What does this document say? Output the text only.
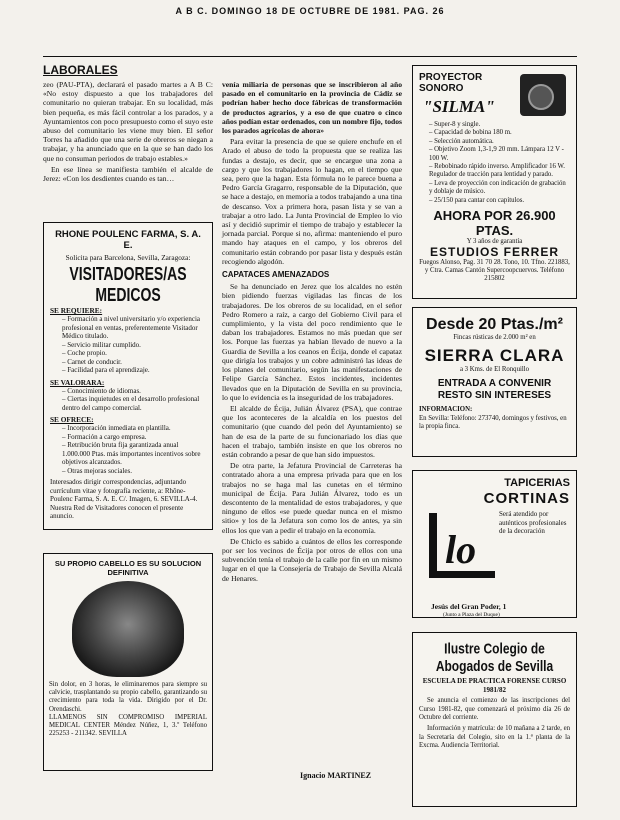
A B C. DOMINGO 18 DE OCTUBRE DE 1981. PAG. 26
LABORALES

zeo (PAU-PTA), declarará el pasado martes a A B C: «No estoy dispuesto a que los trabajadores del comunitario no quieran trabajar. En su localidad, más bien pequeña, es más fácil controlar a los parados, y a Ayuntamientos con poco presupuesto como el suyo este abuso del comunitario les viene muy bien. El señor Torres ha añadido que una serie de obreros se niegan a trabajar, y ha anunciado que en la que se han dado los que no consuman periodos de trabajo estables.»

En ese línea se manifiesta también el alcalde de Jerez: «Con los desdientes cuando es tan…

RHONE POULENC FARMA, S. A. E.
Solicita para Barcelona, Sevilla, Zaragoza:
VISITADORES/AS MEDICOS
SE REQUIERE:
– Formación a nivel universitario y/o experiencia profesional en ventas, preferentemente Visitador Médico titulado.
– Servicio militar cumplido.
– Coche propio.
– Carnet de conducir.
– Facilidad para el aprendizaje.
SE VALORARA:
– Conocimiento de idiomas.
– Ciertas inquietudes en el desarrollo profesional dentro del campo comercial.
SE OFRECE:
– Incorporación inmediata en plantilla.
– Formación a cargo empresa.
– Retribución bruta fija garantizada anual 1.000.000 Ptas. más importantes incentivos sobre objetivos alcanzados.
– Otras mejoras sociales.
Interesados dirigir correspondencias, adjuntando currículum vitae y fotografía reciente, a: Rhône-Poulenc Farma, S. A. E. C/. Imagen, 6. SEVILLA-4. Nuestra Red de Visitadores conocen el presente anuncio.
SU PROPIO CABELLO ES SU SOLUCION DEFINITIVA
Sin dolor, en 3 horas, le eliminaremos para siempre su calvicie, trasplantando su propio cabello, garantizando su crecimiento para toda la vida. Dirigido por el Dr. Orendaschi.
LLAMENOS SIN COMPROMISO IMPERIAL MEDICAL CENTER Méndez Núñez, 1, 3.º Teléfono 225253 - 211342. SEVILLA

venía miliaria de personas que se inscribieron al año pasado en el comunitario en la provincia de Cádiz se podrían haber hecho doce fábricas de transformación de productos agrarios, y a eso de que cuatro o cinco años podían estar ordenados, con un nombre fijo, todos los parados agrícolas de ahora»

Para evitar la presencia de que se quiere enchufe en el Arado el abuso de todo la propuesta que se realiza las fundas a destajo, es decir, que se encargue una zona a cargo y que los trabajadores lo hagan, en el tiempo que sea, pero que la hagan. Esta fórmula no le parece buena a Pedro García Gragarro, responsable de la Diputación, que se hace a destajo, en memoria a todos trabajando a una tina de descanso. Vox a primera hora, pasan lista y se van a trabajar a otro lado. La Junta Provincial de Empleo lo vio así y decidió suprimir el tiempo de trabajo y establecer la jornada parcial. Porque si no, afirma: manteniendo el puro mando hay ataques en el campo, y los obreros del comunitario están cobrando por pasar lista y después están recogiendo algodón.

CAPATACES AMENAZADOS

Se ha denunciado en Jerez que los alcaldes no estén bien pidiendo fuerzas vigiladas las fincas de los trabajadores. De los obreros de su localidad, en el señor Pedro Romero a raíz, a cargo del Gobierno Civil para el cumplimiento, y la vista del poco rendimiento que le daban los trabajadores. Estamos no más puedan que ser los. Porque las fuerzas ya habían llevado de nuevo a la Guardia de Sevilla a los ceanos en Écija, donde el capataz que dirigía los trabajos y un cobre administró las ideas de los planes del comunitario, según las manifestaciones de Felipe García Sánchez. Estos incidentes, incidentes llevados que en la Diputación de Sevilla en su provincia, lo que lo evidencia es la inseguridad de los trabajadores.

El alcalde de Écija, Julián Álvarez (PSA), que contrae que los aconteceres de la alcaldía en los puestos del comunitario (que cuando del peón del Ayuntamiento) se han de esa de la parte de su funcionariado los días que hacen el trabajo, también insiste en que los obreros no están cobrando a pesar de que han sido impuestos.

De otra parte, la Jefatura Provincial de Carreteras ha contratado ahora a una empresa privada para que en los trabajos no se haga mal las cunetas en el término municipal de Écija. Para Julián Álvarez, todo es un descontento de la mentalidad de estos trabajadores, y que ninguno de ellos «se puede quedar nunca en el mismo sitio» y los de la Jefatura son como los de antes, ya sin ellos los que van a pedir el trabajo en la economía.

De Chiclo es sabido a cuántos de ellos les corresponde por ser los vecinos de Écija por otros de ellos con una subvención tenía el trabajo de la calle por fin en un mismo lugar en el que la Consejería de Trabajo de Sevilla Alcalá de Henares.

Ignacio MARTINEZ
PROYECTOR
SONORO
"SILMA"
– Super-8 y single.
– Capacidad de bobina 180 m.
– Selección automática.
– Objetivo Zoom 1,3-1,9 20 mm. Lámpara 12 V - 100 W.
– Rebobinado rápido inverso. Amplificador 16 W. Regulador de tracción para lentidad y parado.
– Leva de proyección con indicación de grabación y doblaje de músico.
– 25/150 para cantar con capítulos.
AHORA POR 26.900 PTAS.
Y 3 años de garantía
ESTUDIOS FERRER
Fuegos Alonso, Pag. 31 70 28. Tono, 10. Tfno. 221883, y Ctra. Camas Cantón Supercoopcuervos. Teléfono 215802
Desde 20 Ptas./m²
Fincas rústicas de 2.000 m² en
SIERRA CLARA
a 3 Kms. de El Ronquillo
ENTRADA A CONVENIR
RESTO SIN INTERESES
INFORMACION:
En Sevilla: Teléfono: 273740, domingos y festivos, en la propia finca.
TAPICERIAS
CORTINAS
Será atendido por auténticos profesionales de la decoración
lo
Jesús del Gran Poder, 1
(Junto a Plaza del Duque)
Ilustre Colegio de Abogados de Sevilla
ESCUELA DE PRACTICA FORENSE CURSO 1981/82

Se anuncia el comienzo de las inscripciones del Curso 1981-82, que comenzará el próximo día 26 de Octubre del corriente.

Información y matrícula: de 10 mañana a 2 tarde, en la Secretaría del Colegio, sito en la 1.ª planta de la Excma. Audiencia Territorial.
